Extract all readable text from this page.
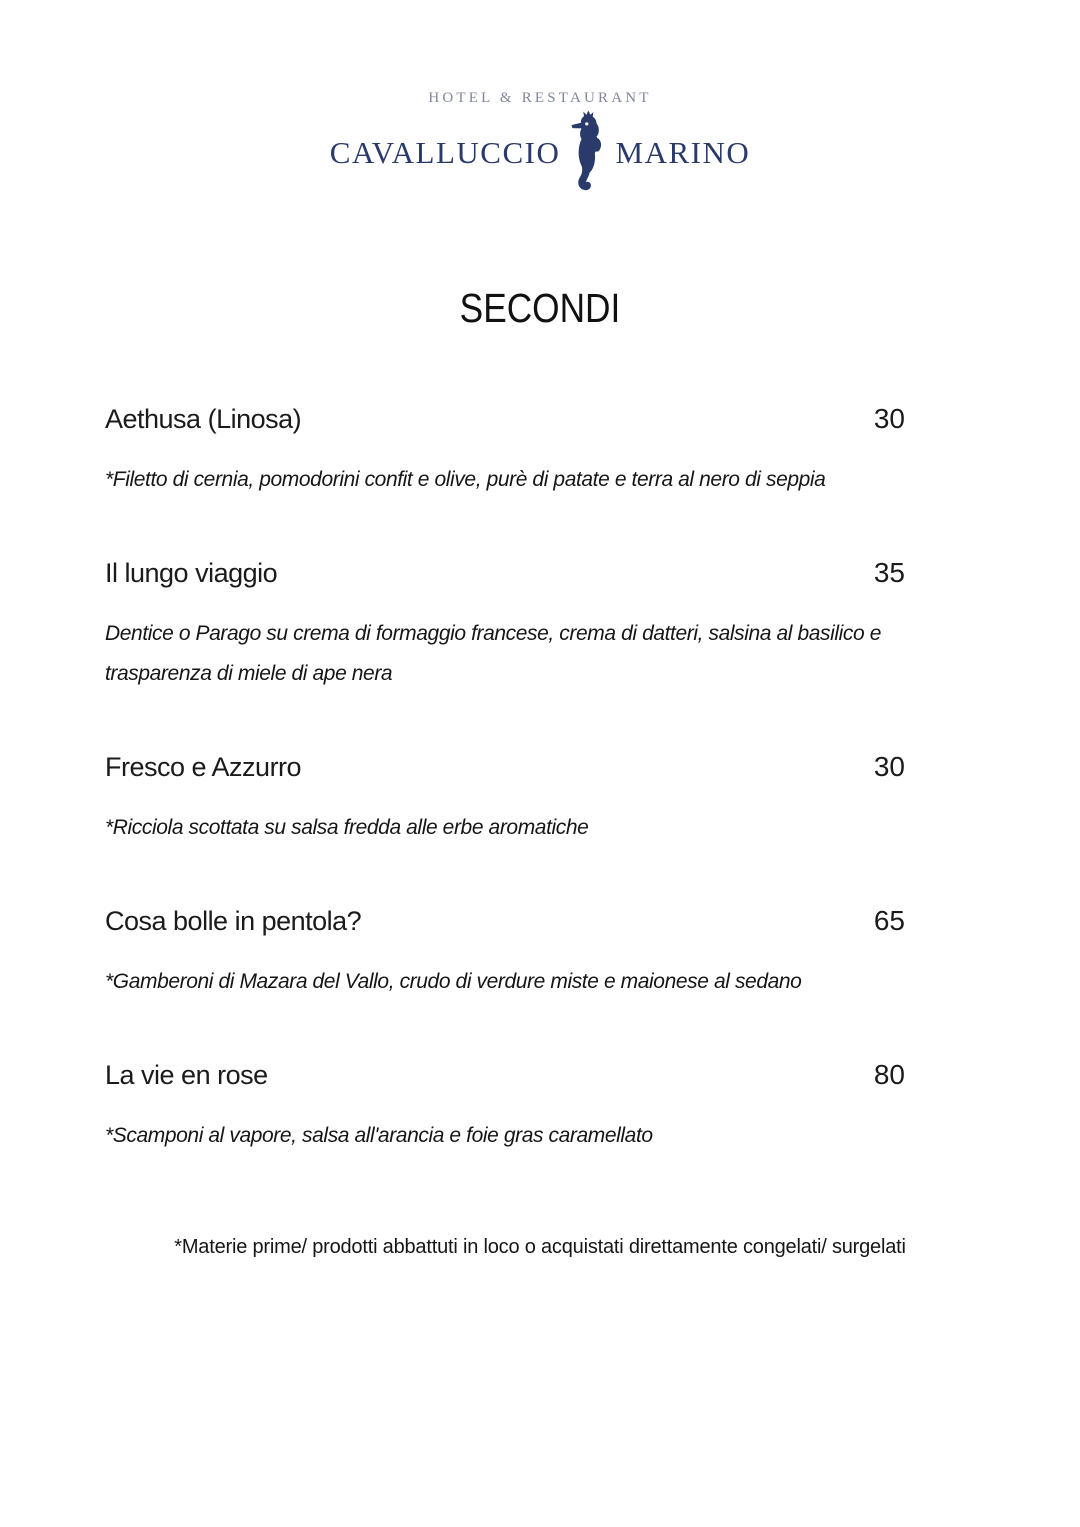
HOTEL & RESTAURANT
CAVALLUCCIO MARINO
SECONDI
Aethusa (Linosa)	30
*Filetto di cernia, pomodorini confit e olive, purè di patate e terra al nero di seppia
Il lungo viaggio	35
Dentice o Parago su crema di formaggio francese, crema di datteri, salsina al basilico e trasparenza di miele di ape nera
Fresco e Azzurro	30
*Ricciola scottata su salsa fredda alle erbe aromatiche
Cosa bolle in pentola?	65
*Gamberoni di Mazara del Vallo, crudo di verdure miste e maionese al sedano
La vie en rose	80
*Scamponi al vapore, salsa all'arancia e foie gras caramellato
*Materie prime/ prodotti abbattuti in loco o acquistati direttamente congelati/ surgelati
